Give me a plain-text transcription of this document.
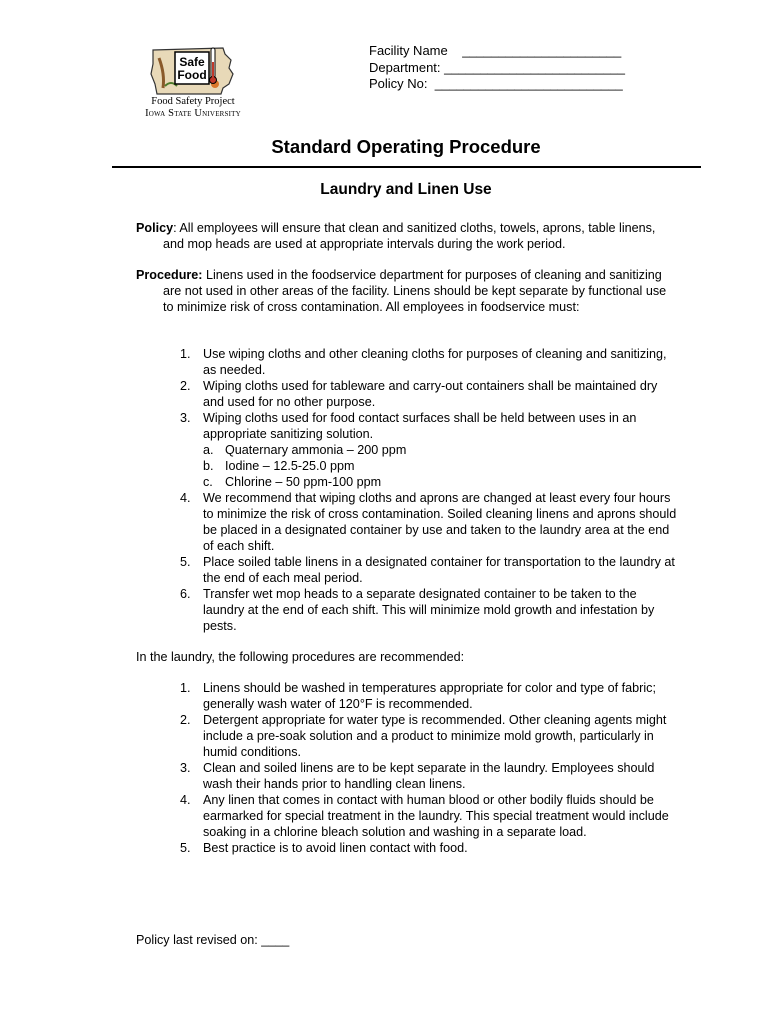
Safe
Food
Food Safety Project
Iowa State University
Facility Name ______________________
Department: _________________________
Policy No: __________________________
Standard Operating Procedure
Laundry and Linen Use
Policy: All employees will ensure that clean and sanitized cloths, towels, aprons, table linens, and mop heads are used at appropriate intervals during the work period.
Procedure: Linens used in the foodservice department for purposes of cleaning and sanitizing are not used in other areas of the facility. Linens should be kept separate by functional use to minimize risk of cross contamination. All employees in foodservice must:
1. Use wiping cloths and other cleaning cloths for purposes of cleaning and sanitizing, as needed.
2. Wiping cloths used for tableware and carry-out containers shall be maintained dry and used for no other purpose.
3. Wiping cloths used for food contact surfaces shall be held between uses in an appropriate sanitizing solution.
a. Quaternary ammonia – 200 ppm
b. Iodine – 12.5-25.0 ppm
c. Chlorine – 50 ppm-100 ppm
4. We recommend that wiping cloths and aprons are changed at least every four hours to minimize the risk of cross contamination. Soiled cleaning linens and aprons should be placed in a designated container by use and taken to the laundry area at the end of each shift.
5. Place soiled table linens in a designated container for transportation to the laundry at the end of each meal period.
6. Transfer wet mop heads to a separate designated container to be taken to the laundry at the end of each shift. This will minimize mold growth and infestation by pests.
In the laundry, the following procedures are recommended:
1. Linens should be washed in temperatures appropriate for color and type of fabric; generally wash water of 120°F is recommended.
2. Detergent appropriate for water type is recommended. Other cleaning agents might include a pre-soak solution and a product to minimize mold growth, particularly in humid conditions.
3. Clean and soiled linens are to be kept separate in the laundry. Employees should wash their hands prior to handling clean linens.
4. Any linen that comes in contact with human blood or other bodily fluids should be earmarked for special treatment in the laundry. This special treatment would include soaking in a chlorine bleach solution and washing in a separate load.
5. Best practice is to avoid linen contact with food.
Policy last revised on: ____
